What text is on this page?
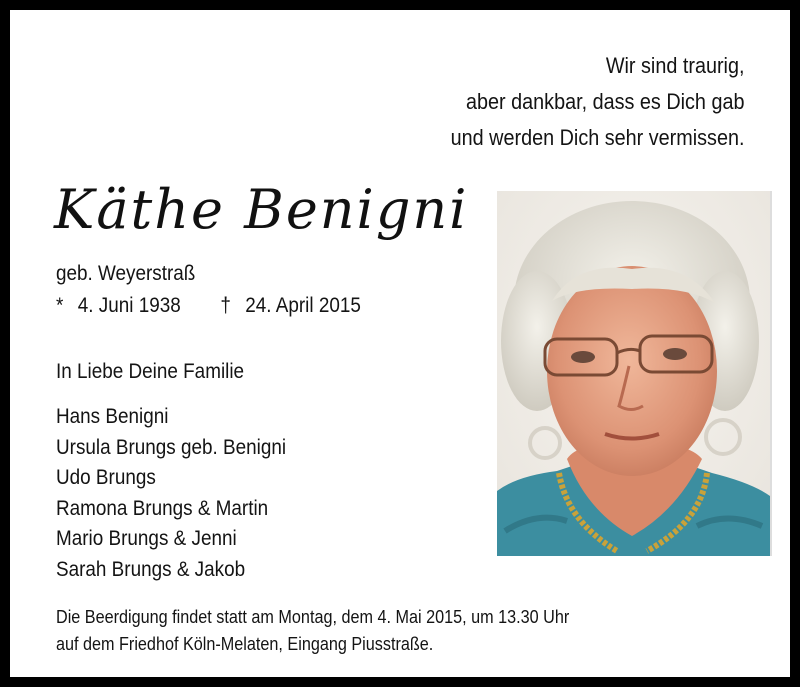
Wir sind traurig,
aber dankbar, dass es Dich gab
und werden Dich sehr vermissen.
Käthe Benigni
geb. Weyerstraß
* 4. Juni 1938 † 24. April 2015
In Liebe Deine Familie
Hans Benigni
Ursula Brungs geb. Benigni
Udo Brungs
Ramona Brungs & Martin
Mario Brungs & Jenni
Sarah Brungs & Jakob
Die Beerdigung findet statt am Montag, dem 4. Mai 2015, um 13.30 Uhr
auf dem Friedhof Köln-Melaten, Eingang Piusstraße.
